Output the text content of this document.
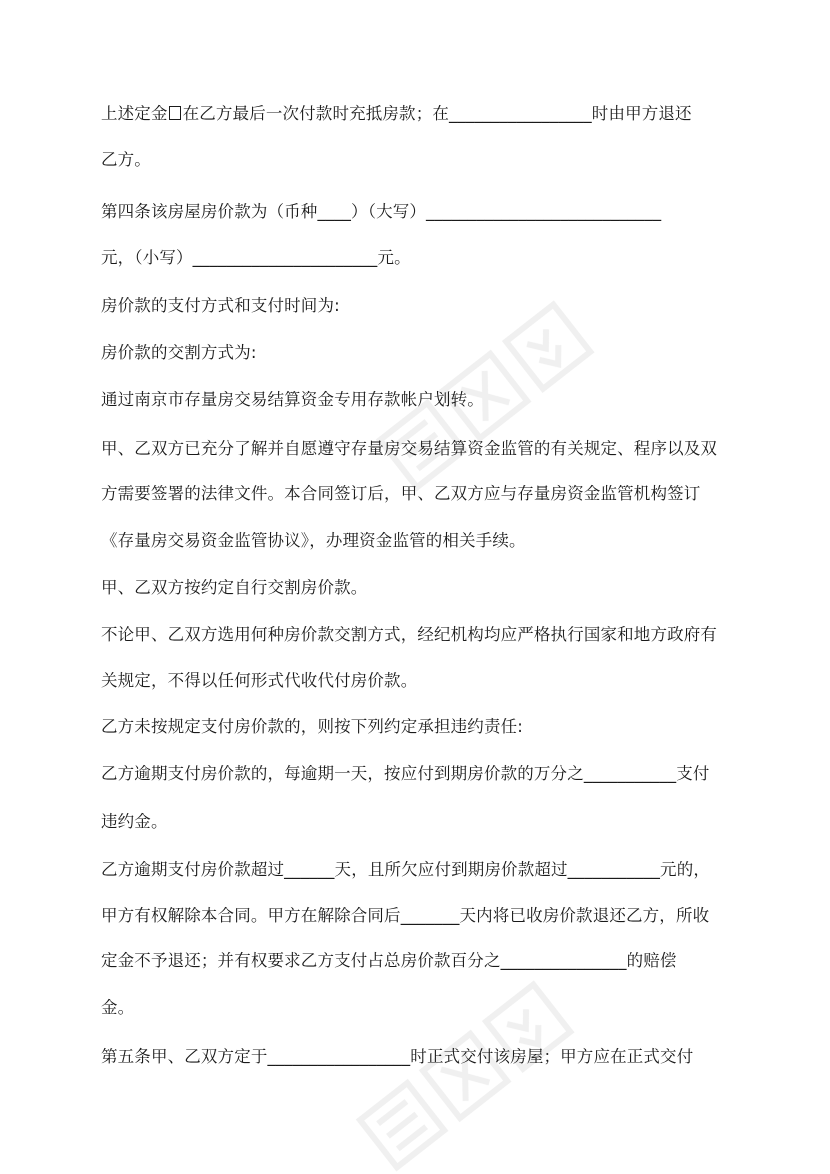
上述定金 在乙方最后一次付款时充抵房款；在_________________时由甲方退还
乙方。
第四条该房屋房价款为（币种____）（大写）____________________________
元，（小写）______________________元。
房价款的支付方式和支付时间为:
房价款的交割方式为:
通过南京市存量房交易结算资金专用存款帐户划转。
甲、乙双方已充分了解并自愿遵守存量房交易结算资金监管的有关规定、程序以及双
方需要签署的法律文件。本合同签订后，甲、乙双方应与存量房资金监管机构签订
《存量房交易资金监管协议》，办理资金监管的相关手续。
甲、乙双方按约定自行交割房价款。
不论甲、乙双方选用何种房价款交割方式，经纪机构均应严格执行国家和地方政府有
关规定，不得以任何形式代收代付房价款。
乙方未按规定支付房价款的，则按下列约定承担违约责任:
乙方逾期支付房价款的，每逾期一天，按应付到期房价款的万分之___________支付
违约金。
乙方逾期支付房价款超过______天，且所欠应付到期房价款超过___________元的，
甲方有权解除本合同。甲方在解除合同后_______天内将已收房价款退还乙方，所收
定金不予退还；并有权要求乙方支付占总房价款百分之_______________的赔偿
金。
第五条甲、乙双方定于_________________时正式交付该房屋；甲方应在正式交付
